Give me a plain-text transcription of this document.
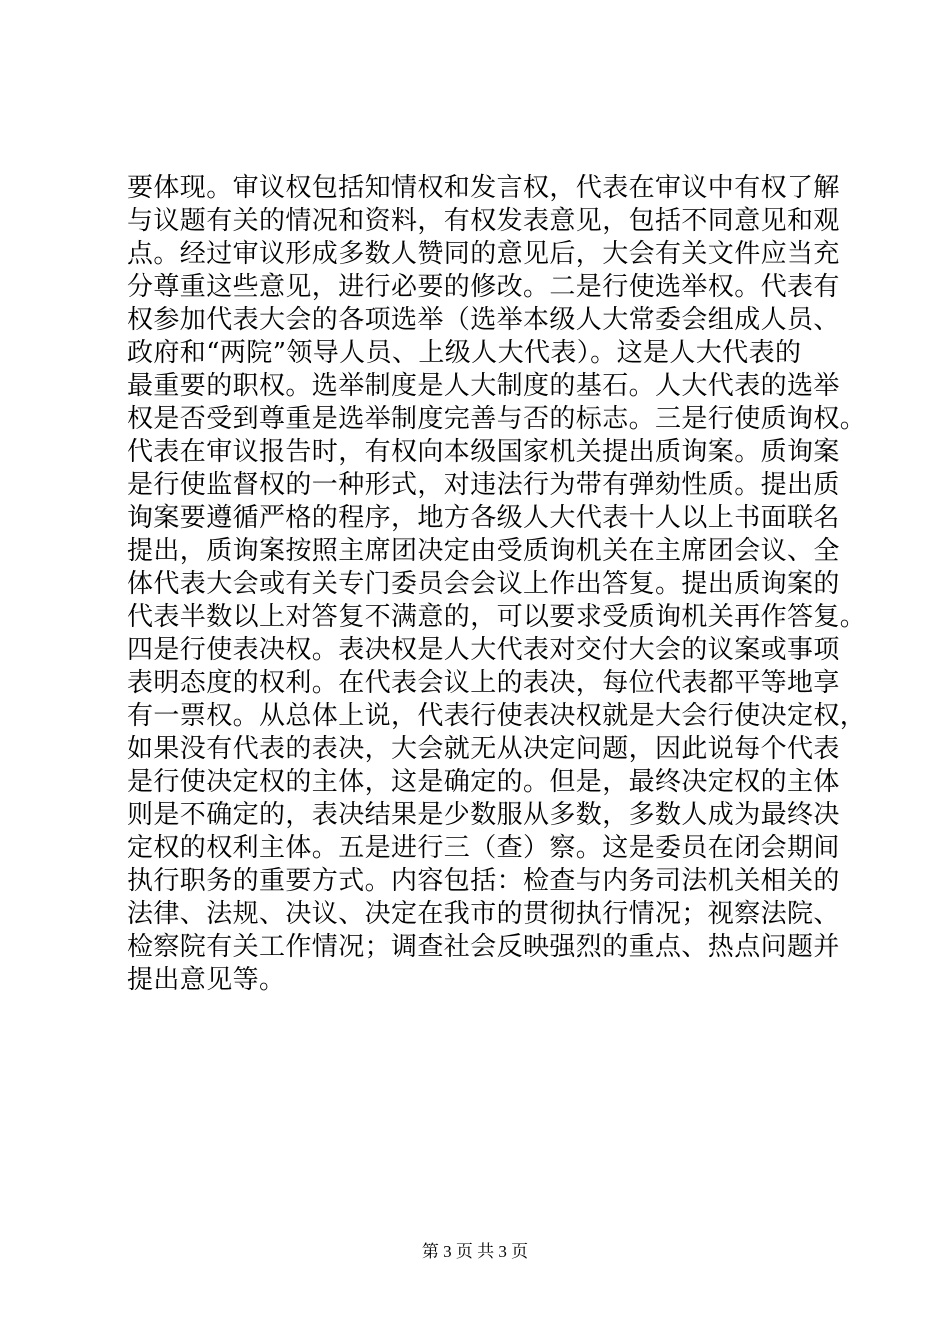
要体现。审议权包括知情权和发言权，代表在审议中有权了解
与议题有关的情况和资料，有权发表意见，包括不同意见和观
点。经过审议形成多数人赞同的意见后，大会有关文件应当充
分尊重这些意见，进行必要的修改。二是行使选举权。代表有
权参加代表大会的各项选举（选举本级人大常委会组成人员、
政府和“两院”领导人员、上级人大代表）。这是人大代表的
最重要的职权。选举制度是人大制度的基石。人大代表的选举
权是否受到尊重是选举制度完善与否的标志。三是行使质询权。
代表在审议报告时，有权向本级国家机关提出质询案。质询案
是行使监督权的一种形式，对违法行为带有弹劾性质。提出质
询案要遵循严格的程序，地方各级人大代表十人以上书面联名
提出，质询案按照主席团决定由受质询机关在主席团会议、全
体代表大会或有关专门委员会会议上作出答复。提出质询案的
代表半数以上对答复不满意的，可以要求受质询机关再作答复。
四是行使表决权。表决权是人大代表对交付大会的议案或事项
表明态度的权利。在代表会议上的表决，每位代表都平等地享
有一票权。从总体上说，代表行使表决权就是大会行使决定权，
如果没有代表的表决，大会就无从决定问题，因此说每个代表
是行使决定权的主体，这是确定的。但是，最终决定权的主体
则是不确定的，表决结果是少数服从多数，多数人成为最终决
定权的权利主体。五是进行三（查）察。这是委员在闭会期间
执行职务的重要方式。内容包括：检查与内务司法机关相关的
法律、法规、决议、决定在我市的贯彻执行情况；视察法院、
检察院有关工作情况；调查社会反映强烈的重点、热点问题并
提出意见等。
第 3 页 共 3 页
